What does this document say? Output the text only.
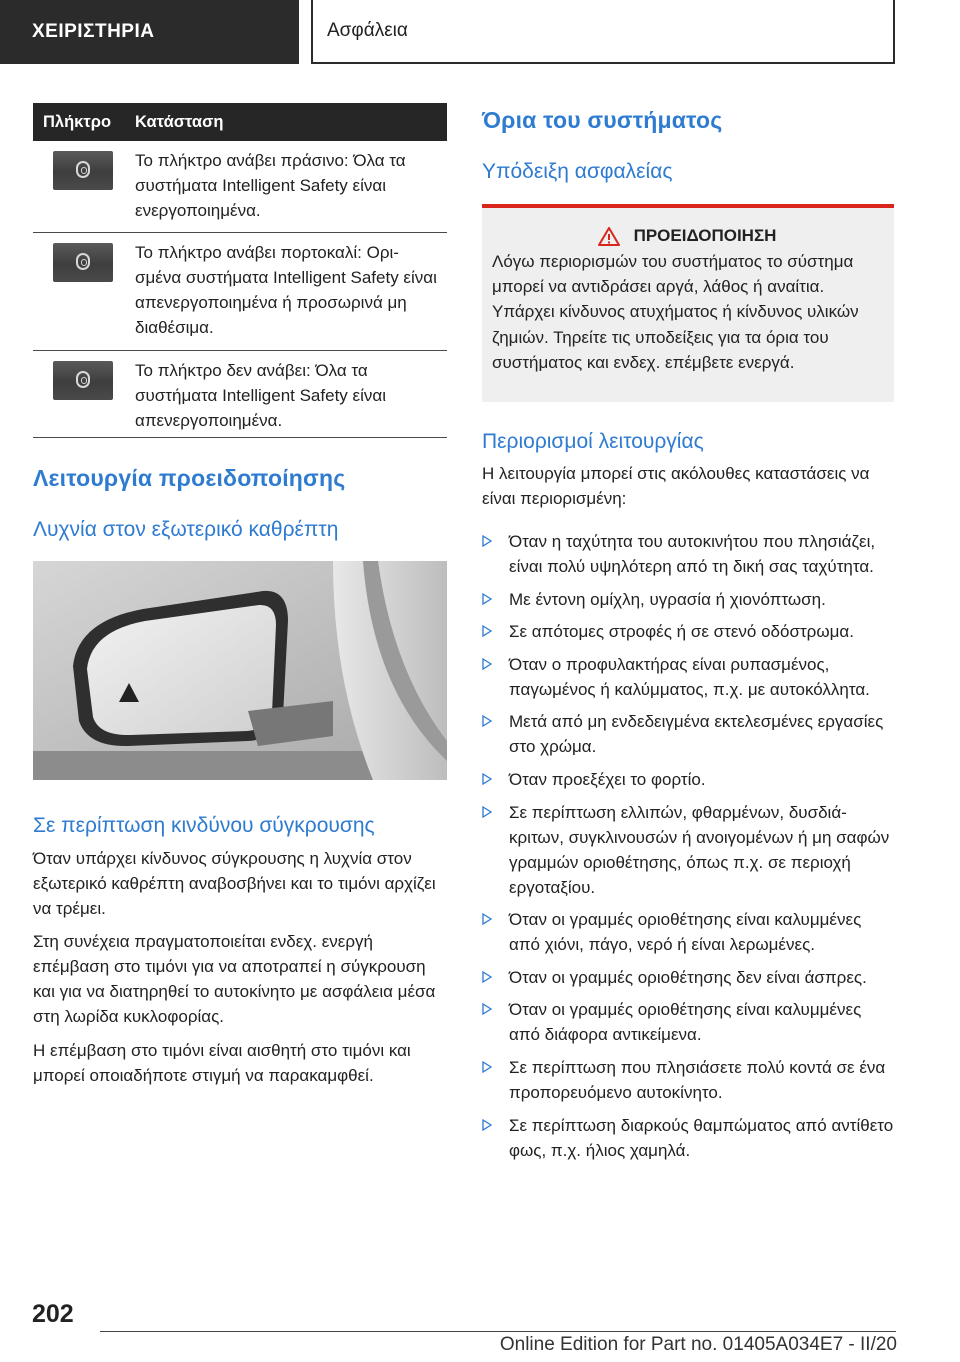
ΧΕΙΡΙΣΤΗΡΙΑ	Ασφάλεια
Πλήκτρο	Κατάσταση
Το πλήκτρο ανάβει πράσινο: Όλα τα συστήματα Intelligent Safety είναι ενεργοποιημένα.
Το πλήκτρο ανάβει πορτοκαλί: Ορισμένα συστήματα Intelligent Safety είναι απενεργοποιημένα ή προσωρινά μη διαθέσιμα.
Το πλήκτρο δεν ανάβει: Όλα τα συστήματα Intelligent Safety είναι απενεργοποιημένα.
Λειτουργία προειδοποίησης
Λυχνία στον εξωτερικό καθρέπτη
Σε περίπτωση κινδύνου σύγκρουσης

Όταν υπάρχει κίνδυνος σύγκρουσης η λυχνία στον εξωτερικό καθρέπτη αναβοσβήνει και το τιμόνι αρχίζει να τρέμει.

Στη συνέχεια πραγματοποιείται ενδεχ. ενεργή επέμβαση στο τιμόνι για να αποτραπεί η σύγκρουση και για να διατηρηθεί το αυτοκίνητο με ασφάλεια μέσα στη λωρίδα κυκλοφορίας.

Η επέμβαση στο τιμόνι είναι αισθητή στο τιμόνι και μπορεί οποιαδήποτε στιγμή να παρακαμφθεί.

Όρια του συστήματος
Υπόδειξη ασφαλείας
ΠΡΟΕΙΔΟΠΟΙΗΣΗ
Λόγω περιορισμών του συστήματος το σύστημα μπορεί να αντιδράσει αργά, λάθος ή αναίτια. Υπάρχει κίνδυνος ατυχήματος ή κίνδυνος υλικών ζημιών. Τηρείτε τις υποδείξεις για τα όρια του συστήματος και ενδεχ. επέμβετε ενεργά.
Περιορισμοί λειτουργίας

Η λειτουργία μπορεί στις ακόλουθες καταστάσεις να είναι περιορισμένη:

Όταν η ταχύτητα του αυτοκινήτου που πλησιάζει, είναι πολύ υψηλότερη από τη δική σας ταχύτητα.
Με έντονη ομίχλη, υγρασία ή χιονόπτωση.
Σε απότομες στροφές ή σε στενό οδόστρωμα.
Όταν ο προφυλακτήρας είναι ρυπασμένος, παγωμένος ή καλύμματος, π.χ. με αυτοκόλλητα.
Μετά από μη ενδεδειγμένα εκτελεσμένες εργασίες στο χρώμα.
Όταν προεξέχει το φορτίο.
Σε περίπτωση ελλιπών, φθαρμένων, δυσδιάκριτων, συγκλινουσών ή ανοιγομένων ή μη σαφών γραμμών οριοθέτησης, όπως π.χ. σε περιοχή εργοταξίου.
Όταν οι γραμμές οριοθέτησης είναι καλυμμένες από χιόνι, πάγο, νερό ή είναι λερωμένες.
Όταν οι γραμμές οριοθέτησης δεν είναι άσπρες.
Όταν οι γραμμές οριοθέτησης είναι καλυμμένες από διάφορα αντικείμενα.
Σε περίπτωση που πλησιάσετε πολύ κοντά σε ένα προπορευόμενο αυτοκίνητο.
Σε περίπτωση διαρκούς θαμπώματος από αντίθετο φως, π.χ. ήλιος χαμηλά.
202
Online Edition for Part no. 01405A034E7 - II/20
